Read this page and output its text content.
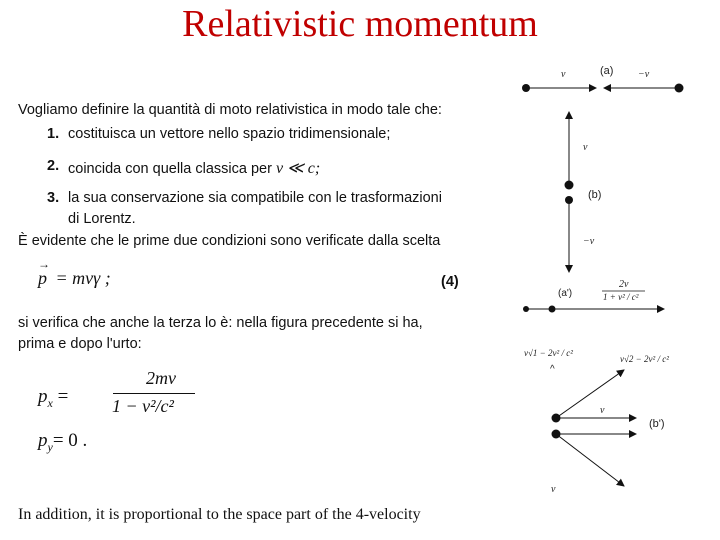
Relativistic momentum
Vogliamo definire la quantità di moto relativistica in modo tale che:
1. costituisca un vettore nello spazio tridimensionale;
2. coincida con quella classica per v ≪ c;
3. la sua conservazione sia compatibile con le trasformazioni
di Lorentz.
È evidente che le prime due condizioni sono verificate dalla scelta
→
p = mvγ ;	(4)
si verifica che anche la terza lo è: nella figura precedente si ha,
prima e dopo l'urto:
$p_x$ =
2mv
1 − v²/c²
$p_y= 0$ .
In addition, it is proportional to the space part of the 4-velocity
v	(a) −v
v
(b)
−v
(a')
2v
1 + v² / c²
v√1 − 2v² / c²
v√2 − 2v² / c²
^
v
(b')
v
